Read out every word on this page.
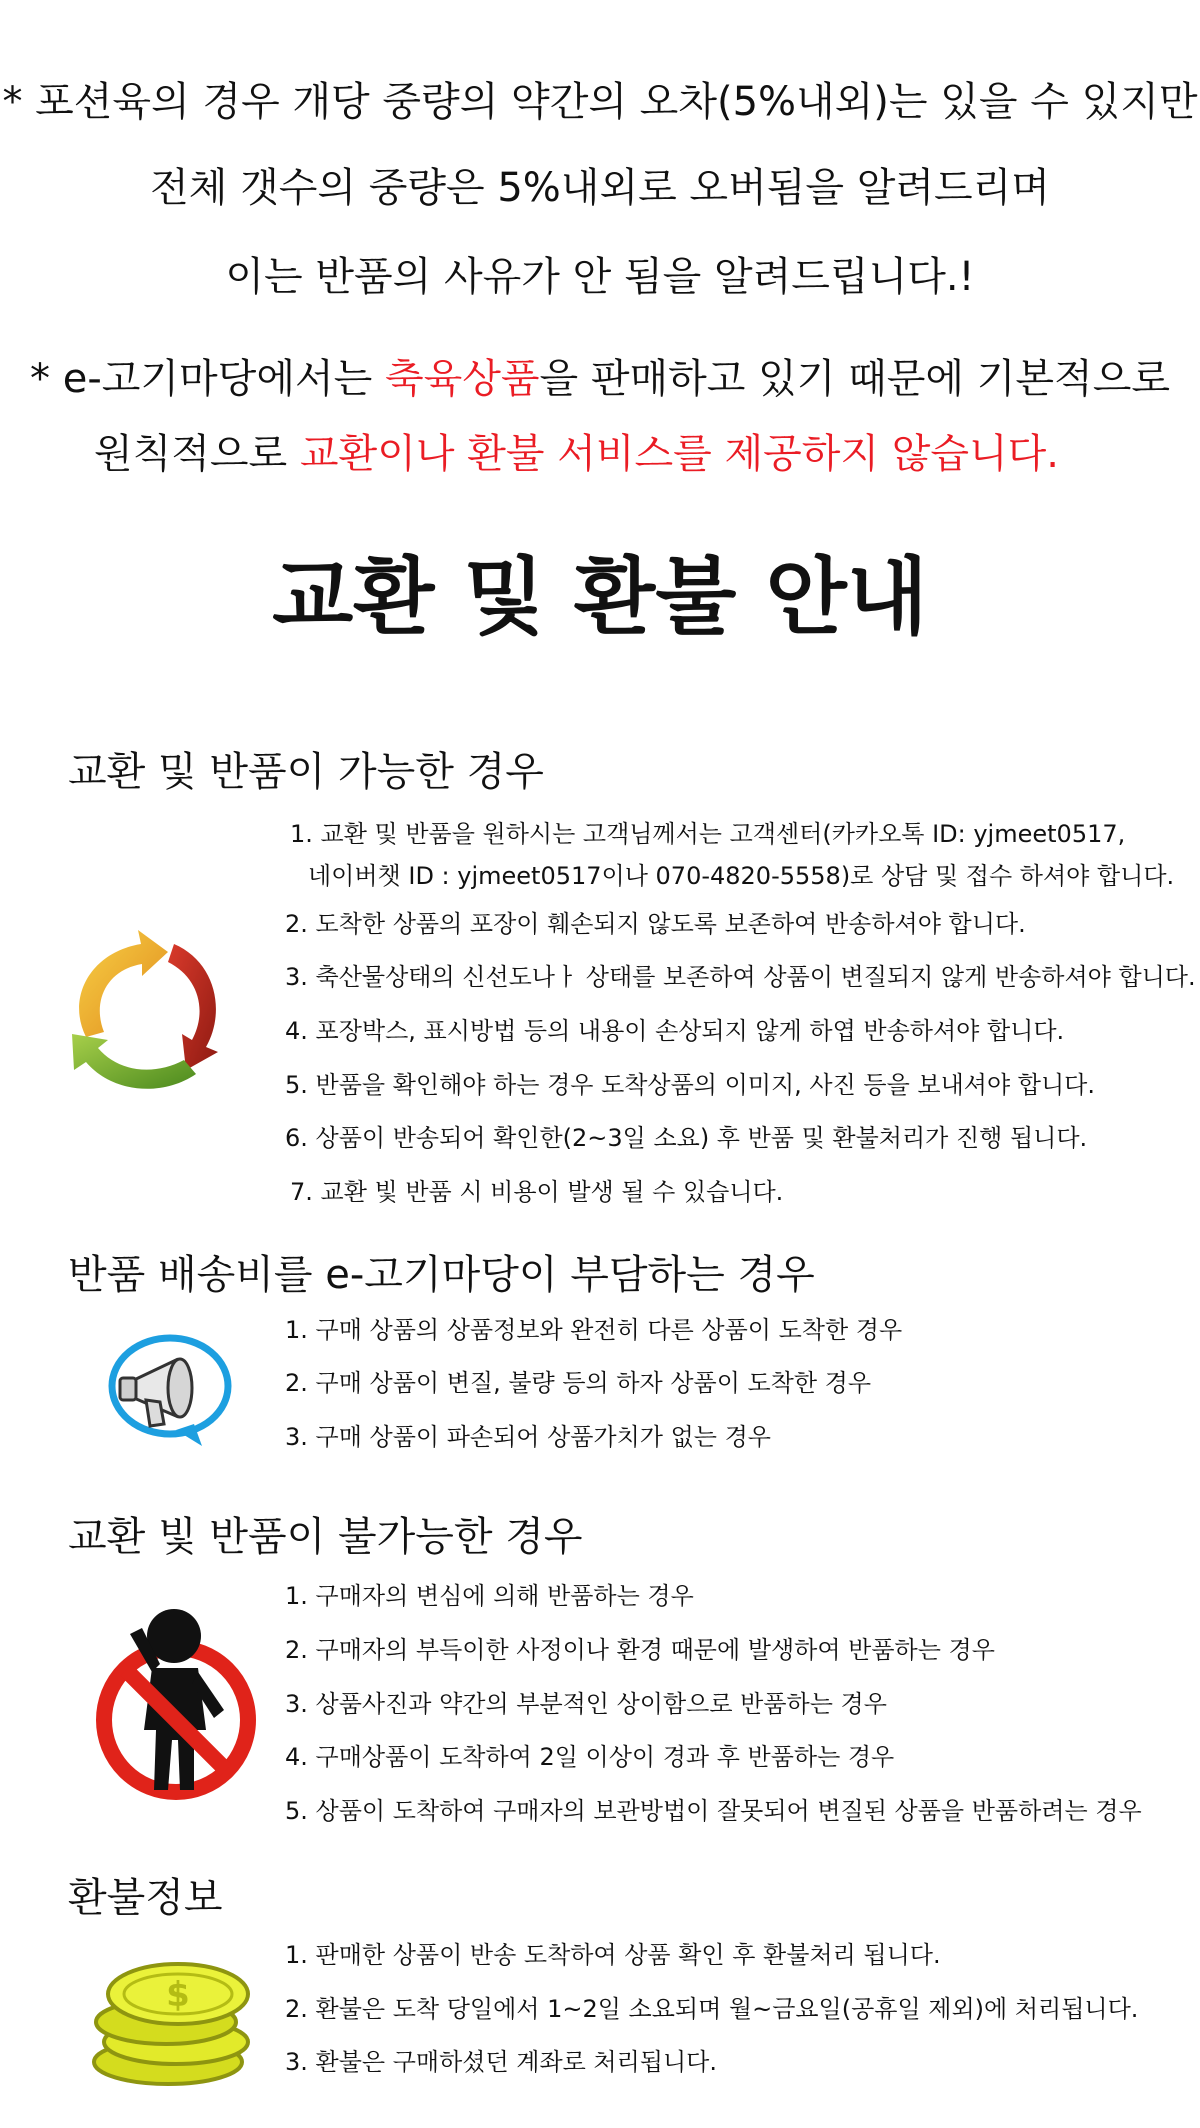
* 포션육의 경우 개당 중량의 약간의 오차(5%내외)는 있을 수 있지만
전체 갯수의 중량은 5%내외로 오버됨을 알려드리며
이는 반품의 사유가 안 됨을 알려드립니다.!
* e-고기마당에서는 축육상품을 판매하고 있기 때문에 기본적으로
원칙적으로 교환이나 환불 서비스를 제공하지 않습니다.
교환 및 환불 안내
교환 및 반품이 가능한 경우
1. 교환 및 반품을 원하시는 고객님께서는 고객센터(카카오톡 ID: yjmeet0517,
네이버챗 ID : yjmeet0517이나 070-4820-5558)로 상담 및 접수 하셔야 합니다.
2. 도착한 상품의 포장이 훼손되지 않도록 보존하여 반송하셔야 합니다.
3. 축산물상태의 신선도나ㅏ 상태를 보존하여 상품이 변질되지 않게 반송하셔야 합니다.
4. 포장박스, 표시방법 등의 내용이 손상되지 않게 하엽 반송하셔야 합니다.
5. 반품을 확인해야 하는 경우 도착상품의 이미지, 사진 등을 보내셔야 합니다.
6. 상품이 반송되어 확인한(2~3일 소요) 후 반품 및 환불처리가 진행 됩니다.
7. 교환 빛 반품 시 비용이 발생 될 수 있습니다.
반품 배송비를 e-고기마당이 부담하는 경우
1. 구매 상품의 상품정보와 완전히 다른 상품이 도착한 경우
2. 구매 상품이 변질, 불량 등의 하자 상품이 도착한 경우
3. 구매 상품이 파손되어 상품가치가 없는 경우
교환 빛 반품이 불가능한 경우
1. 구매자의 변심에 의해 반품하는 경우
2. 구매자의 부득이한 사정이나 환경 때문에 발생하여 반품하는 경우
3. 상품사진과 약간의 부분적인 상이함으로 반품하는 경우
4. 구매상품이 도착하여 2일 이상이 경과 후 반품하는 경우
5. 상품이 도착하여 구매자의 보관방법이 잘못되어 변질된 상품을 반품하려는 경우
환불정보
$
1. 판매한 상품이 반송 도착하여 상품 확인 후 환불처리 됩니다.
2. 환불은 도착 당일에서 1~2일 소요되며 월~금요일(공휴일 제외)에 처리됩니다.
3. 환불은 구매하셨던 계좌로 처리됩니다.
